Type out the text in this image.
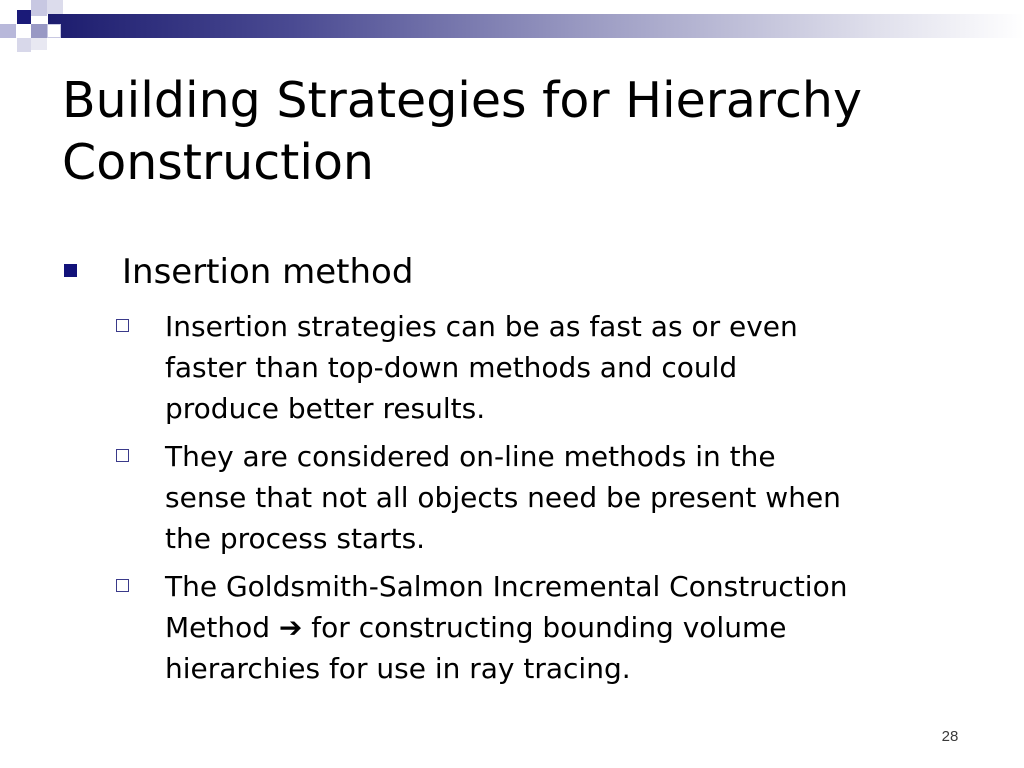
Building Strategies for Hierarchy
Construction
Insertion method
Insertion strategies can be as fast as or even
faster than top-down methods and could
produce better results.
They are considered on-line methods in the
sense that not all objects need be present when
the process starts.
The Goldsmith-Salmon Incremental Construction
Method ➔ for constructing bounding volume
hierarchies for use in ray tracing.
28
